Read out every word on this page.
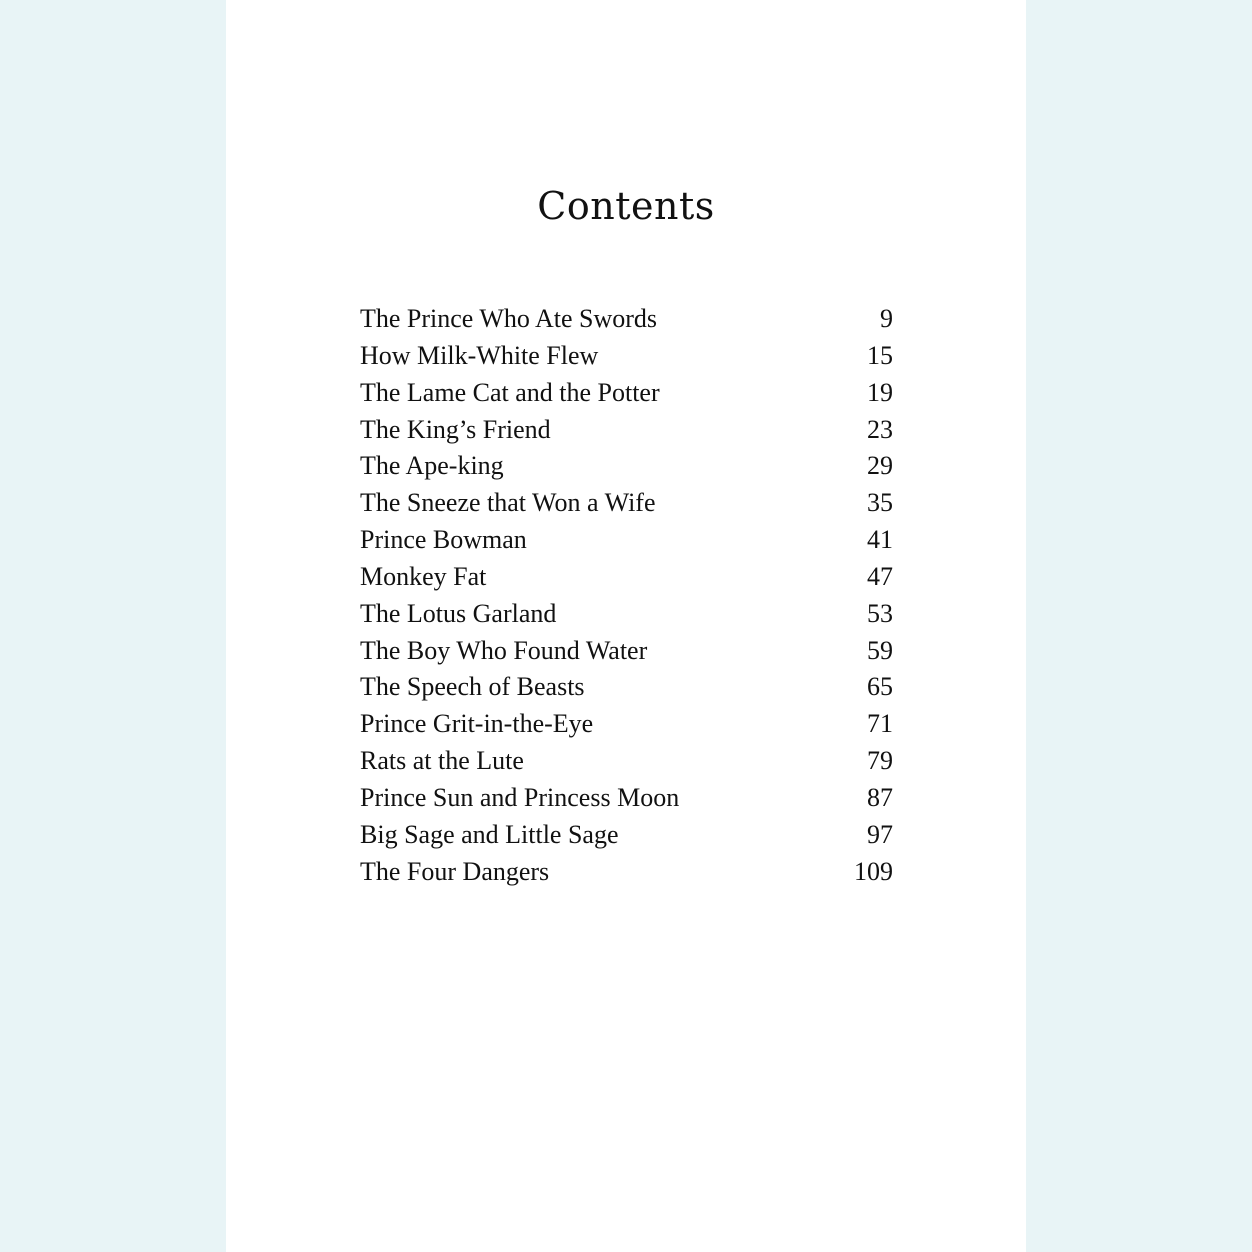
Contents
The Prince Who Ate Swords	9
How Milk-White Flew	15
The Lame Cat and the Potter	19
The King’s Friend	23
The Ape-king	29
The Sneeze that Won a Wife	35
Prince Bowman	41
Monkey Fat	47
The Lotus Garland	53
The Boy Who Found Water	59
The Speech of Beasts	65
Prince Grit-in-the-Eye	71
Rats at the Lute	79
Prince Sun and Princess Moon	87
Big Sage and Little Sage	97
The Four Dangers	109
